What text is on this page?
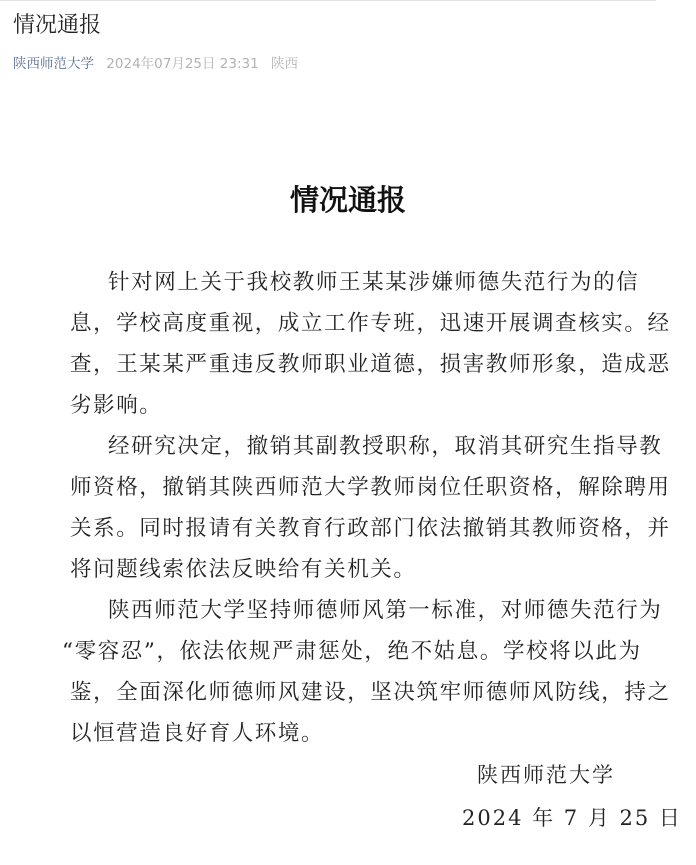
情况通报
陕西师范大学 2024年07月25日 23:31 陕西
情况通报
针对网上关于我校教师王某某涉嫌师德失范行为的信
息，学校高度重视，成立工作专班，迅速开展调查核实。经
查，王某某严重违反教师职业道德，损害教师形象，造成恶
劣影响。
经研究决定，撤销其副教授职称，取消其研究生指导教
师资格，撤销其陕西师范大学教师岗位任职资格，解除聘用
关系。同时报请有关教育行政部门依法撤销其教师资格，并
将问题线索依法反映给有关机关。
陕西师范大学坚持师德师风第一标准，对师德失范行为
“零容忍”，依法依规严肃惩处，绝不姑息。学校将以此为
鉴，全面深化师德师风建设，坚决筑牢师德师风防线，持之
以恒营造良好育人环境。
陕西师范大学
2024 年 7 月 25 日
